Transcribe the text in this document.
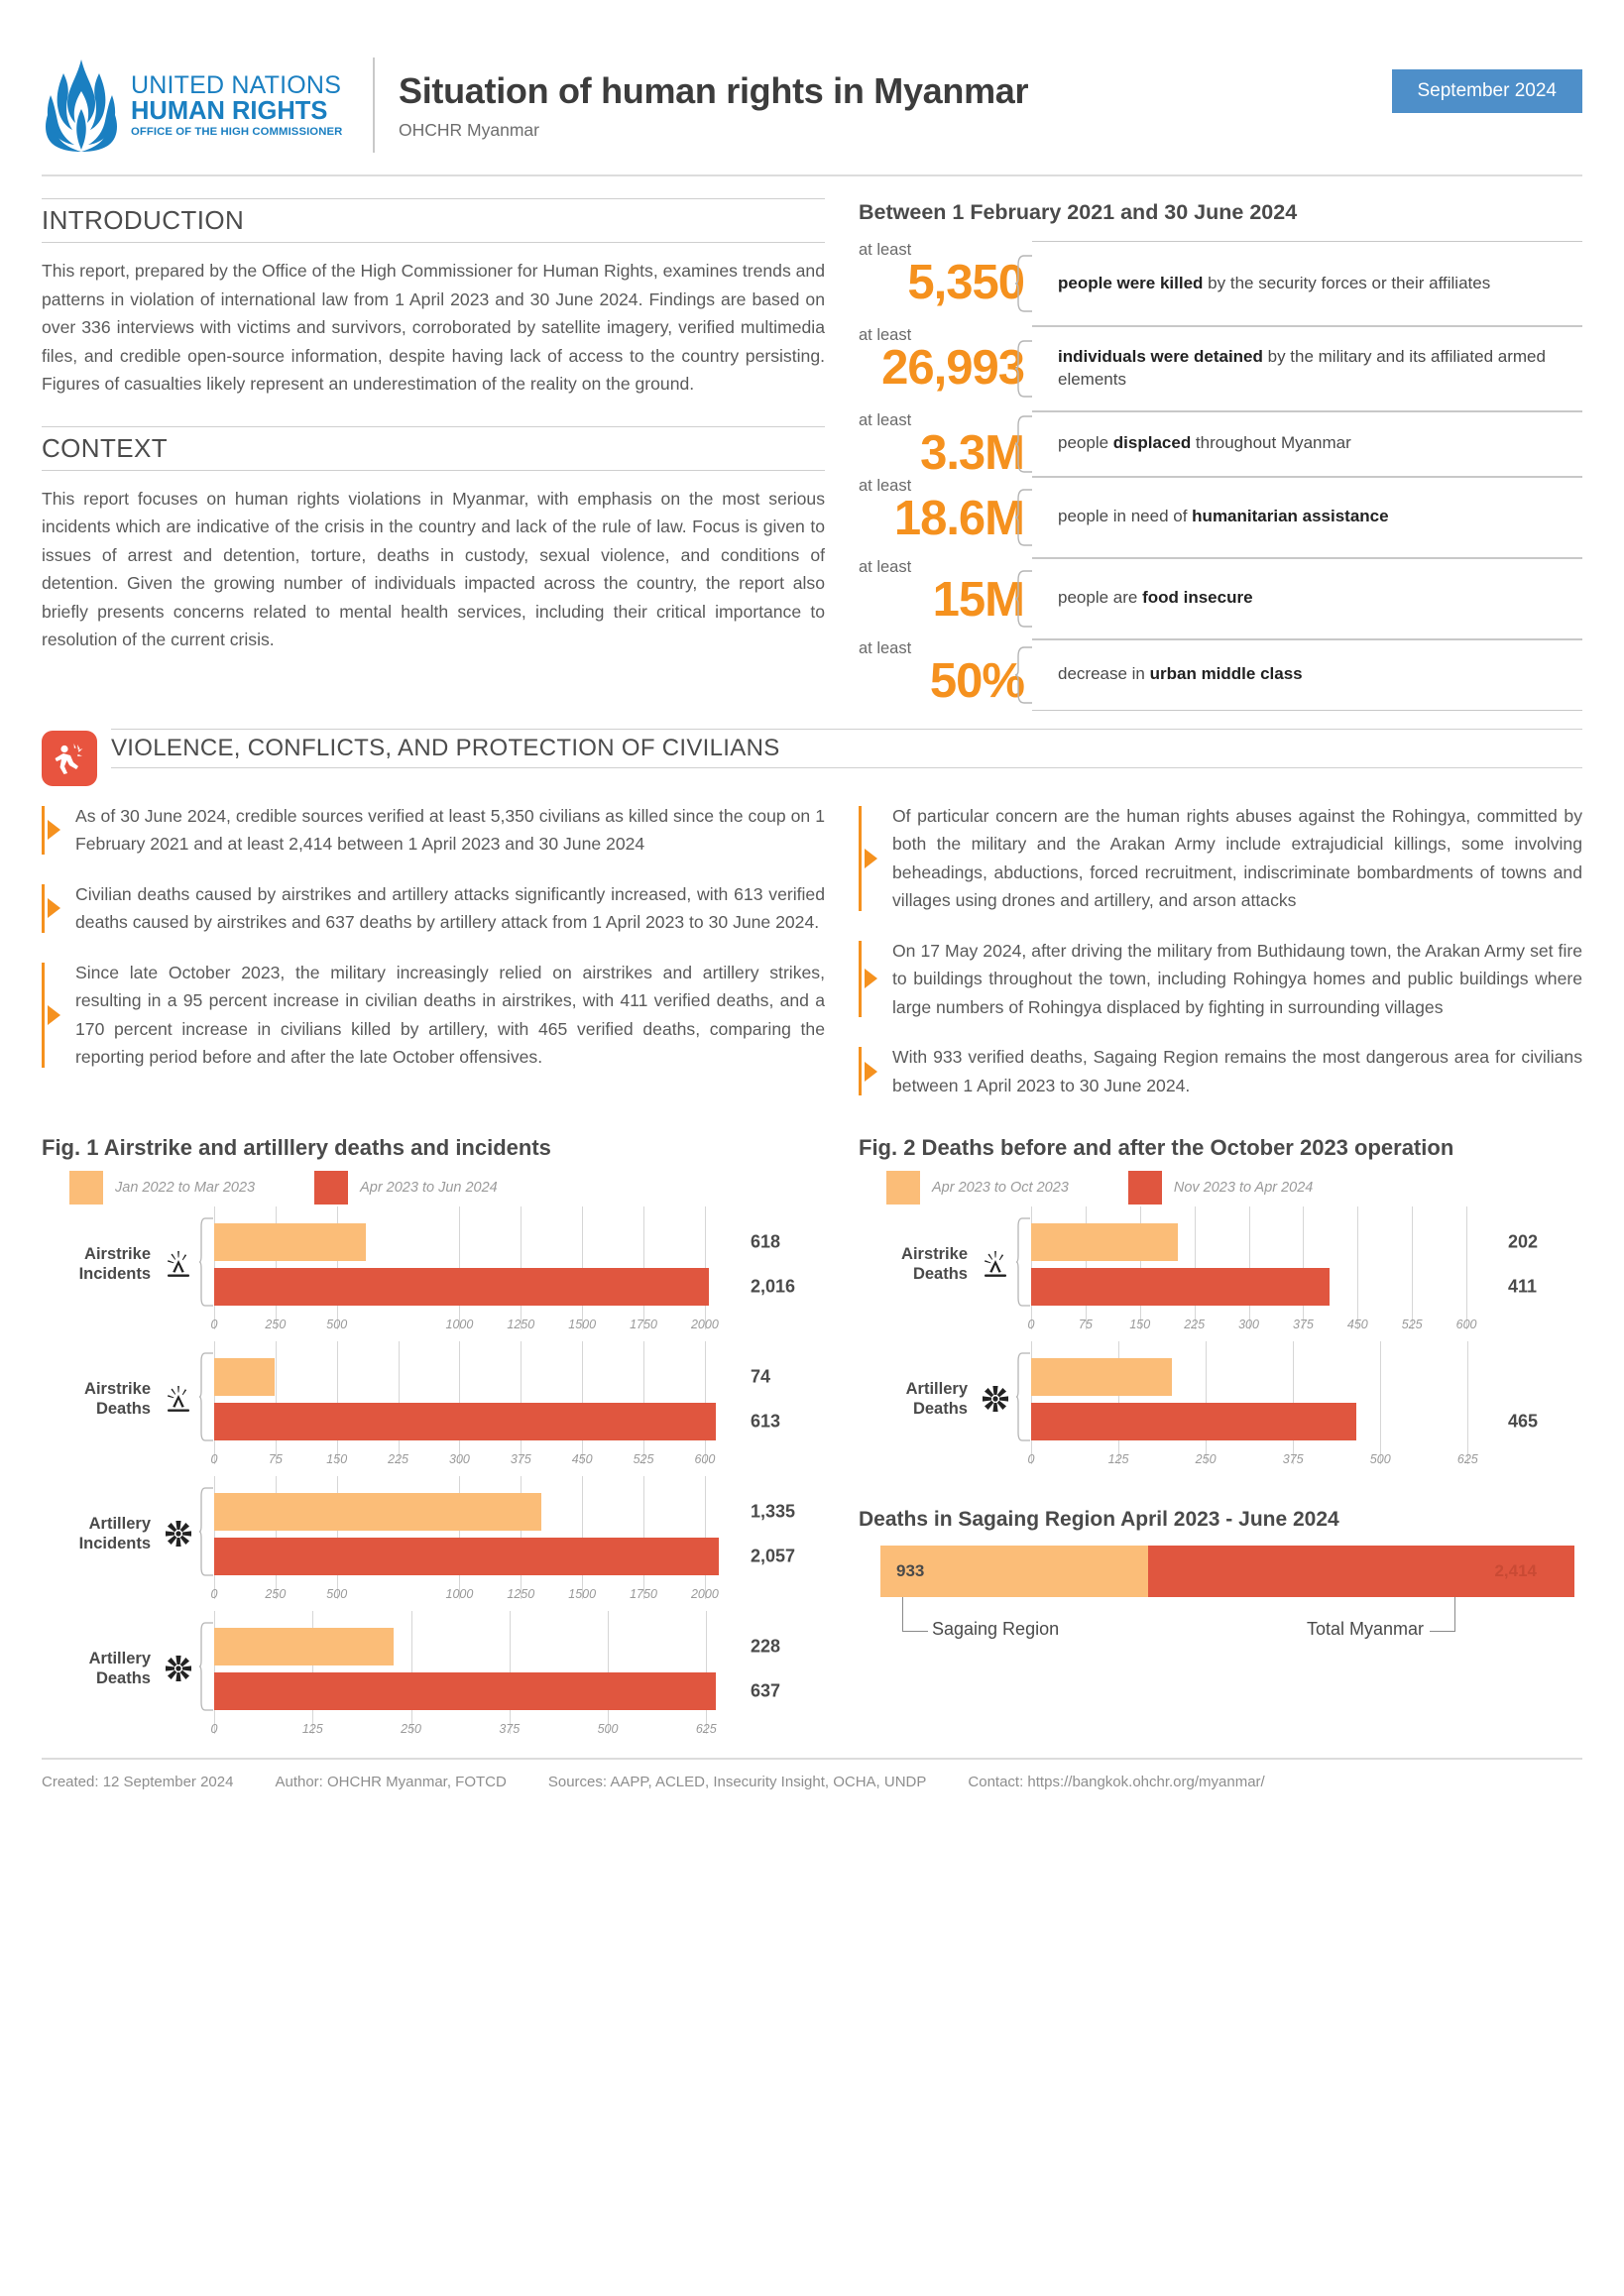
UNITED NATIONS
HUMAN RIGHTS
OFFICE OF THE HIGH COMMISSIONER
Situation of human rights in Myanmar
OHCHR Myanmar
September 2024
INTRODUCTION

This report, prepared by the Office of the High Commissioner for Human Rights, examines trends and patterns in violation of international law from 1 April 2023 and 30 June 2024. Findings are based on over 336 interviews with victims and survivors, corroborated by satellite imagery, verified multimedia files, and credible open-source information, despite having lack of access to the country persisting. Figures of casualties likely represent an underestimation of the reality on the ground.

CONTEXT

This report focuses on human rights violations in Myanmar, with emphasis on the most serious incidents which are indicative of the crisis in the country and lack of the rule of law. Focus is given to issues of arrest and detention, torture, deaths in custody, sexual violence, and conditions of detention. Given the growing number of individuals impacted across the country, the report also briefly presents concerns related to mental health services, including their critical importance to resolution of the current crisis.

Between 1 February 2021 and 30 June 2024
at least
5,350 people were killed by the security forces or their affiliates

at least
26,993 individuals were detained by the military and its affiliated armed elements

at least
3.3M people displaced throughout Myanmar

at least
18.6M people in need of humanitarian assistance

at least
15M people are food insecure

at least
50% decrease in urban middle class

VIOLENCE, CONFLICTS, AND PROTECTION OF CIVILIANS

As of 30 June 2024, credible sources verified at least 5,350 civilians as killed since the coup on 1 February 2021 and at least 2,414 between 1 April 2023 and 30 June 2024

Civilian deaths caused by airstrikes and artillery attacks significantly increased, with 613 verified deaths caused by airstrikes and 637 deaths by artillery attack from 1 April 2023 to 30 June 2024.

Since late October 2023, the military increasingly relied on airstrikes and artillery strikes, resulting in a 95 percent increase in civilian deaths in airstrikes, with 411 verified deaths, and a 170 percent increase in civilians killed by artillery, with 465 verified deaths, comparing the reporting period before and after the late October offensives.

Of particular concern are the human rights abuses against the Rohingya, committed by both the military and the Arakan Army include extrajudicial killings, some involving beheadings, abductions, forced recruitment, indiscriminate bombardments of towns and villages using drones and artillery, and arson attacks

On 17 May 2024, after driving the military from Buthidaung town, the Arakan Army set fire to buildings throughout the town, including Rohingya homes and public buildings where large numbers of Rohingya displaced by fighting in surrounding villages

With 933 verified deaths, Sagaing Region remains the most dangerous area for civilians between 1 April 2023 to 30 June 2024.

Fig. 1 Airstrike and artilllery deaths and incidents
Jan 2022 to Mar 2023	Apr 2023 to Jun 2024
Airstrike
Incidents
618
2,016
0	250	500	1000	1250	1500	1750	2000
Airstrike
Deaths
74
613
0	75	150	225	300	375	450	525	600
Artillery
Incidents
1,335
2,057
0	250	500	1000	1250	1500	1750	2000
Artillery
Deaths
228
637
0	125	250	375	500	625
Fig. 2 Deaths before and after the October 2023 operation
Apr 2023 to Oct 2023	Nov 2023 to Apr 2024
Airstrike
Deaths
202
411
0	75	150	225	300	375	450	525	600
Artillery
Deaths
465
0	125	250	375	500	625
Deaths in Sagaing Region April 2023 - June 2024
933	2,414
Sagaing Region	Total Myanmar
Created: 12 September 2024	Author: OHCHR Myanmar, FOTCD	Sources: AAPP, ACLED, Insecurity Insight, OCHA, UNDP	Contact: https://bangkok.ohchr.org/myanmar/
